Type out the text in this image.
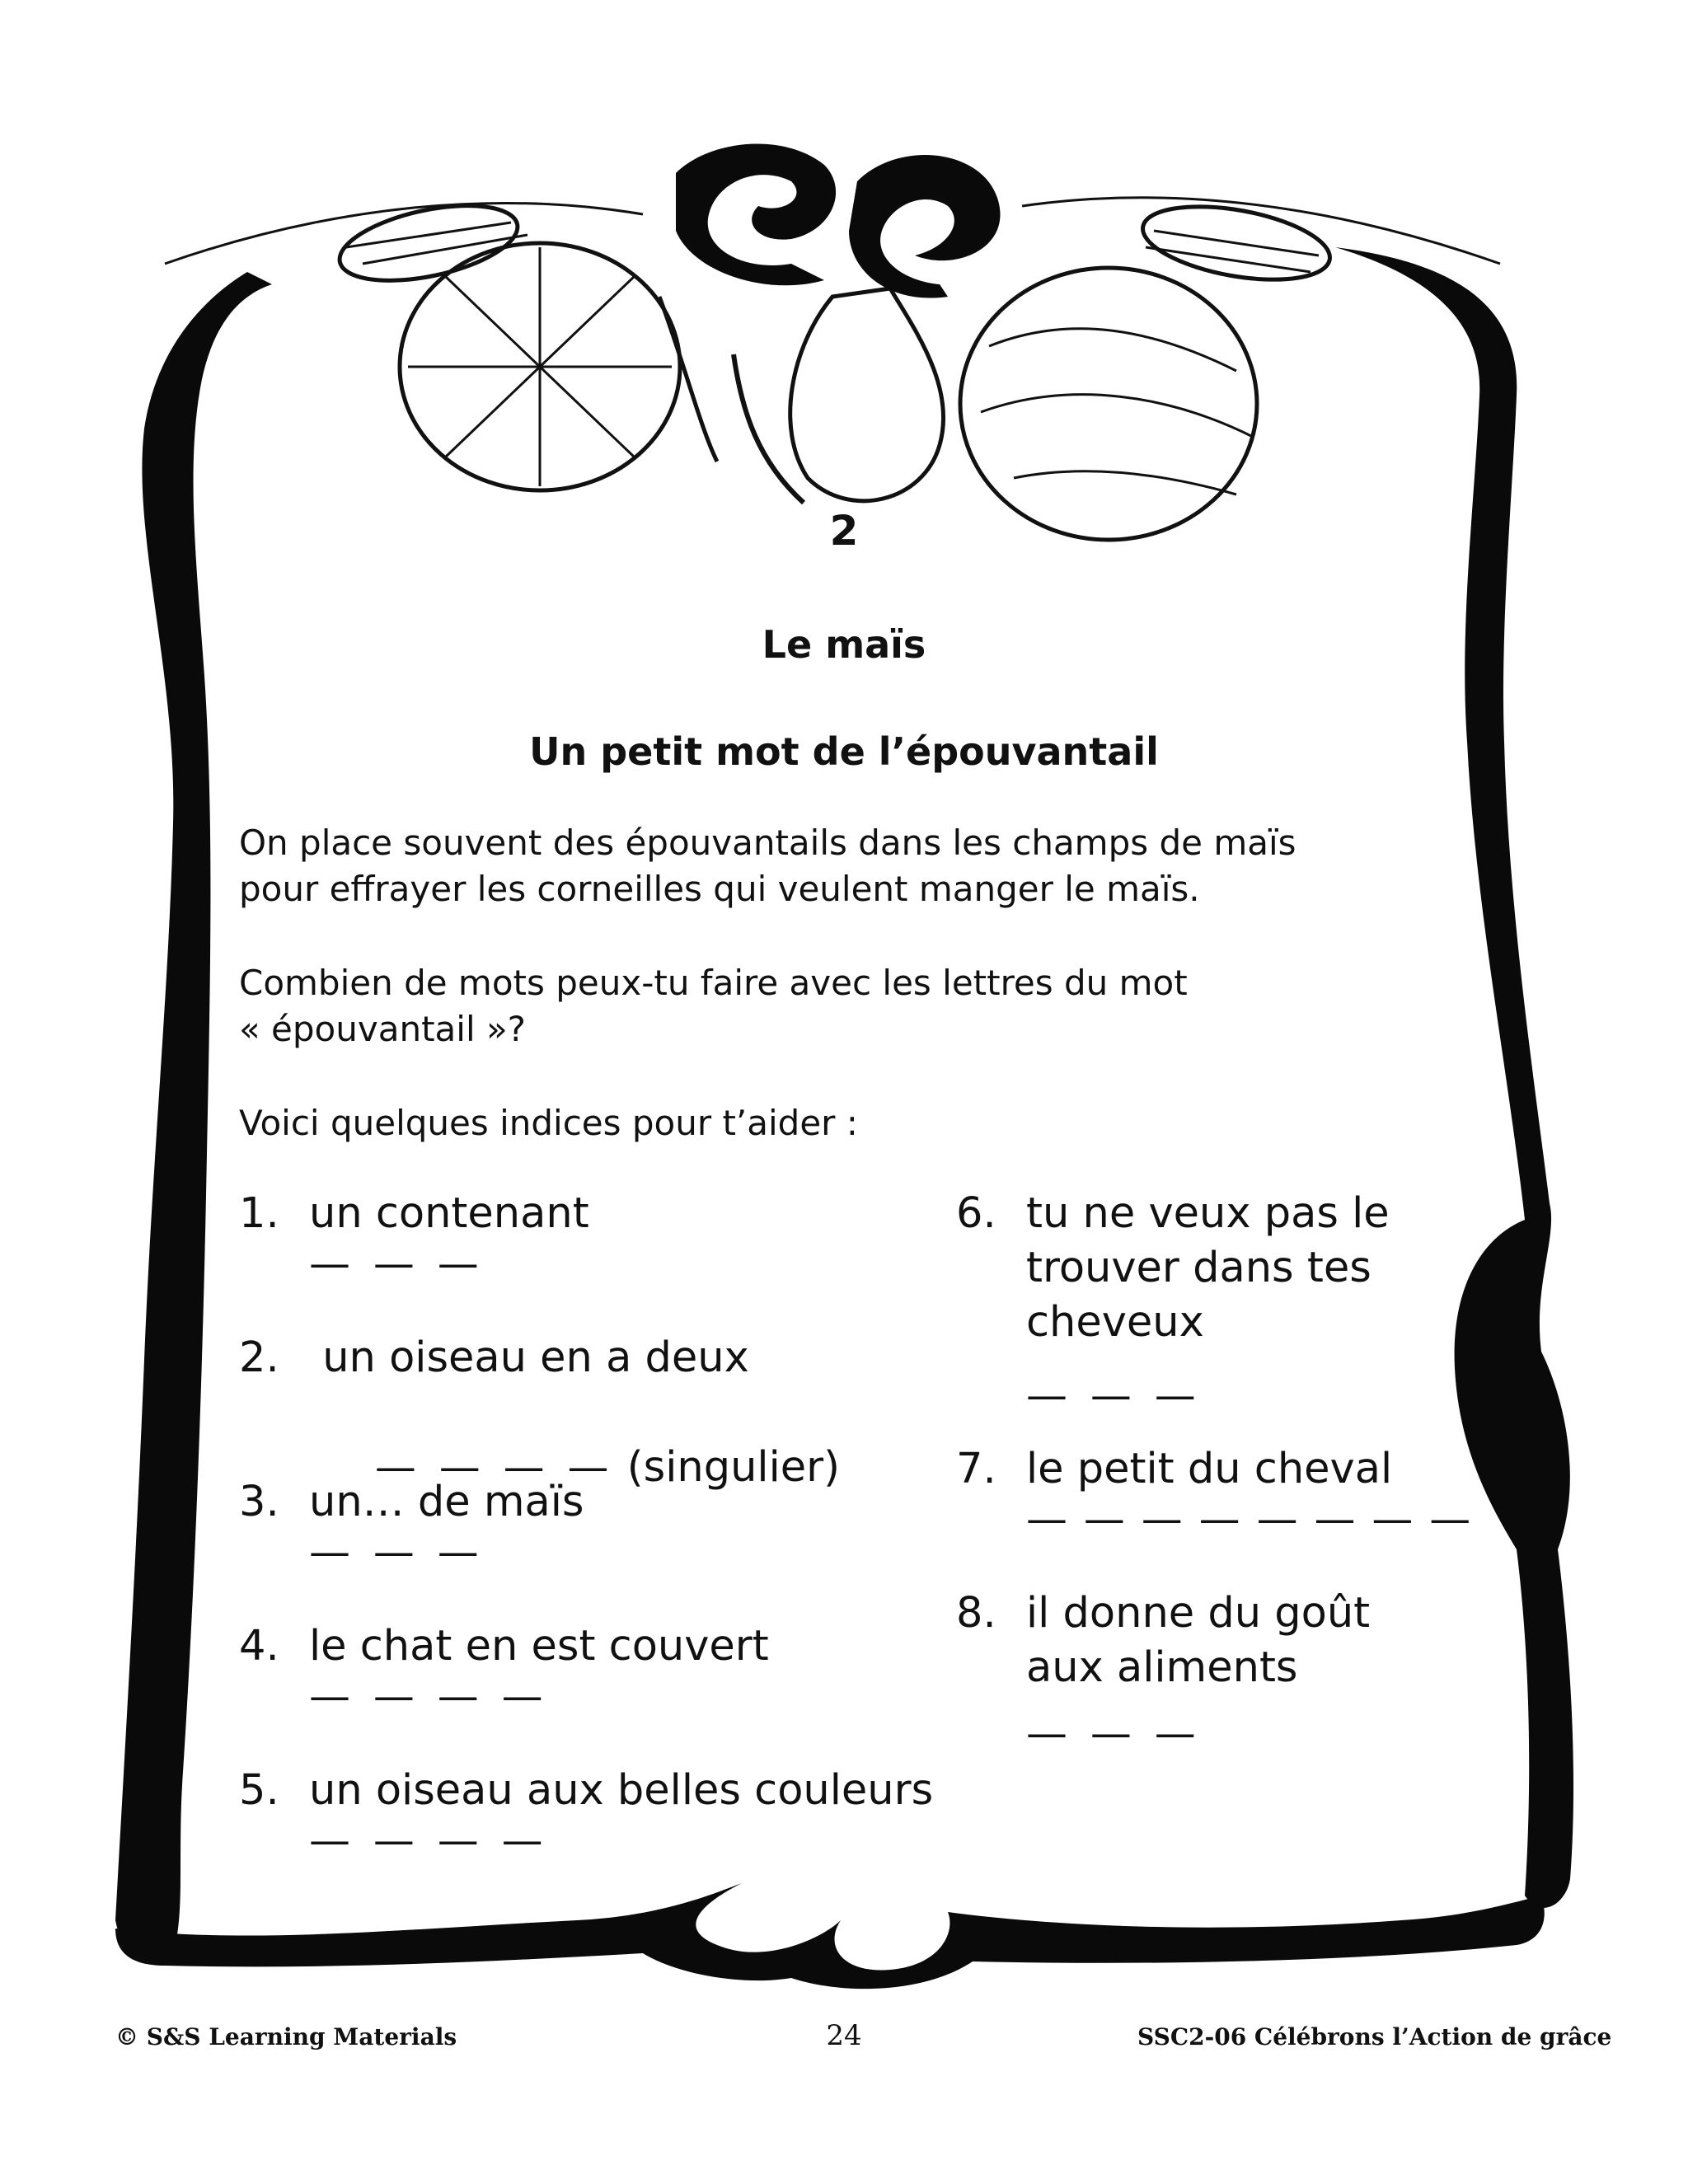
2
Le maïs
Un petit mot de l’épouvantail
On place souvent des épouvantails dans les champs de maïs
pour effrayer les corneilles qui veulent manger le maïs.
Combien de mots peux-tu faire avec les lettres du mot
« épouvantail »?
Voici quelques indices pour t’aider :
1. un contenant
— — —
2. un oiseau en a deux

— — — — (singulier)

3. un… de maïs
— — —
4. le chat en est couvert
— — — —
5. un oiseau aux belles couleurs
— — — —
6. tu ne veux pas le
trouver dans tes
cheveux
— — —
7. le petit du cheval
— — — — — — — —
8. il donne du goût
aux aliments
— — —
© S&S Learning Materials	24	SSC2-06 Célébrons l’Action de grâce
